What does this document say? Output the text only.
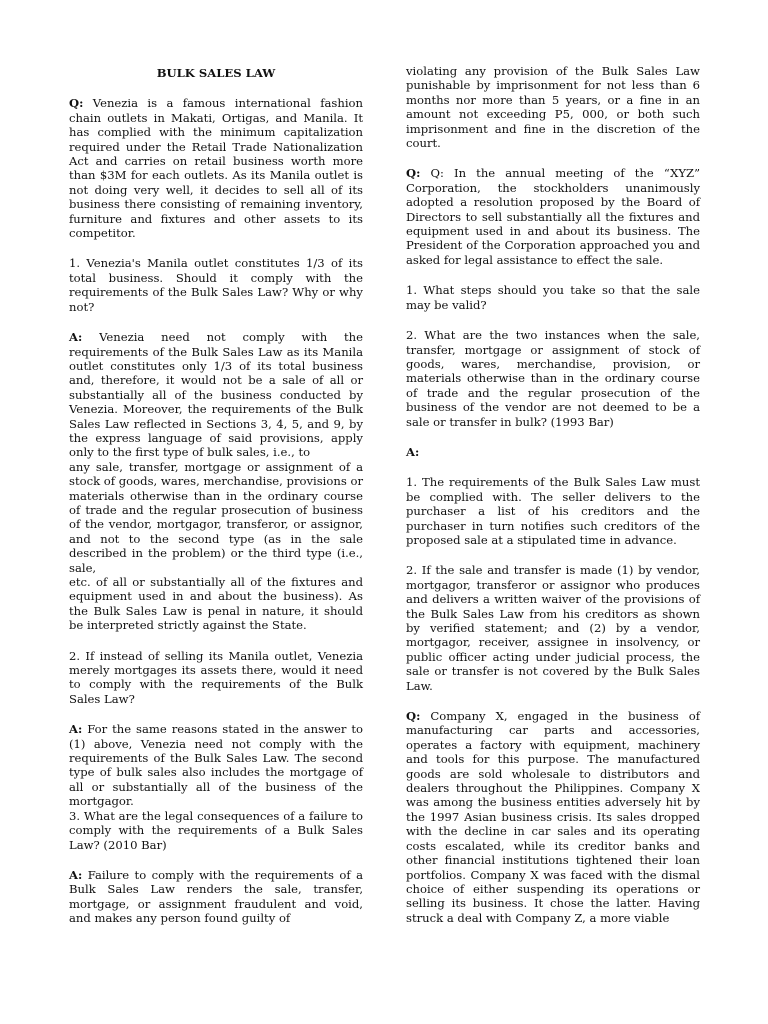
BULK SALES LAW

Q: Venezia is a famous international fashion chain outlets in Makati, Ortigas, and Manila. It has complied with the minimum capitalization required under the Retail Trade Nationalization Act and carries on retail business worth more than $3M for each outlets. As its Manila outlet is not doing very well, it decides to sell all of its business there consisting of remaining inventory, furniture and fixtures and other assets to its competitor.

1. Venezia's Manila outlet constitutes 1/3 of its total business. Should it comply with the requirements of the Bulk Sales Law? Why or why not?

A: Venezia need not comply with the requirements of the Bulk Sales Law as its Manila outlet constitutes only 1/3 of its total business and, therefore, it would not be a sale of all or substantially all of the business conducted by Venezia. Moreover, the requirements of the Bulk Sales Law reflected in Sections 3, 4, 5, and 9, by the express language of said provisions, apply only to the first type of bulk sales, i.e., to

any sale, transfer, mortgage or assignment of a stock of goods, wares, merchandise, provisions or materials otherwise than in the ordinary course of trade and the regular prosecution of business of the vendor, mortgagor, transferor, or assignor, and not to the second type (as in the sale described in the problem) or the third type (i.e., sale,

etc. of all or substantially all of the fixtures and equipment used in and about the business). As the Bulk Sales Law is penal in nature, it should be interpreted strictly against the State.

2. If instead of selling its Manila outlet, Venezia merely mortgages its assets there, would it need to comply with the requirements of the Bulk Sales Law?

A: For the same reasons stated in the answer to (1) above, Venezia need not comply with the requirements of the Bulk Sales Law. The second type of bulk sales also includes the mortgage of all or substantially all of the business of the mortgagor.

3. What are the legal consequences of a failure to comply with the requirements of a Bulk Sales Law? (2010 Bar)

A: Failure to comply with the requirements of a Bulk Sales Law renders the sale, transfer, mortgage, or assignment fraudulent and void, and makes any person found guilty of

violating any provision of the Bulk Sales Law punishable by imprisonment for not less than 6 months nor more than 5 years, or a fine in an amount not exceeding P5, 000, or both such imprisonment and fine in the discretion of the court.

Q: Q: In the annual meeting of the “XYZ” Corporation, the stockholders unanimously adopted a resolution proposed by the Board of Directors to sell substantially all the fixtures and equipment used in and about its business. The President of the Corporation approached you and asked for legal assistance to effect the sale.

1. What steps should you take so that the sale may be valid?

2. What are the two instances when the sale, transfer, mortgage or assignment of stock of goods, wares, merchandise, provision, or materials otherwise than in the ordinary course of trade and the regular prosecution of the business of the vendor are not deemed to be a sale or transfer in bulk? (1993 Bar)

A:

1. The requirements of the Bulk Sales Law must be complied with. The seller delivers to the purchaser a list of his creditors and the purchaser in turn notifies such creditors of the proposed sale at a stipulated time in advance.

2. If the sale and transfer is made (1) by vendor, mortgagor, transferor or assignor who produces and delivers a written waiver of the provisions of the Bulk Sales Law from his creditors as shown by verified statement; and (2) by a vendor, mortgagor, receiver, assignee in insolvency, or public officer acting under judicial process, the sale or transfer is not covered by the Bulk Sales Law.

Q: Company X, engaged in the business of manufacturing car parts and accessories, operates a factory with equipment, machinery and tools for this purpose. The manufactured goods are sold wholesale to distributors and dealers throughout the Philippines. Company X was among the business entities adversely hit by the 1997 Asian business crisis. Its sales dropped with the decline in car sales and its operating costs escalated, while its creditor banks and other financial institutions tightened their loan portfolios. Company X was faced with the dismal choice of either suspending its operations or selling its business. It chose the latter. Having struck a deal with Company Z, a more viable
